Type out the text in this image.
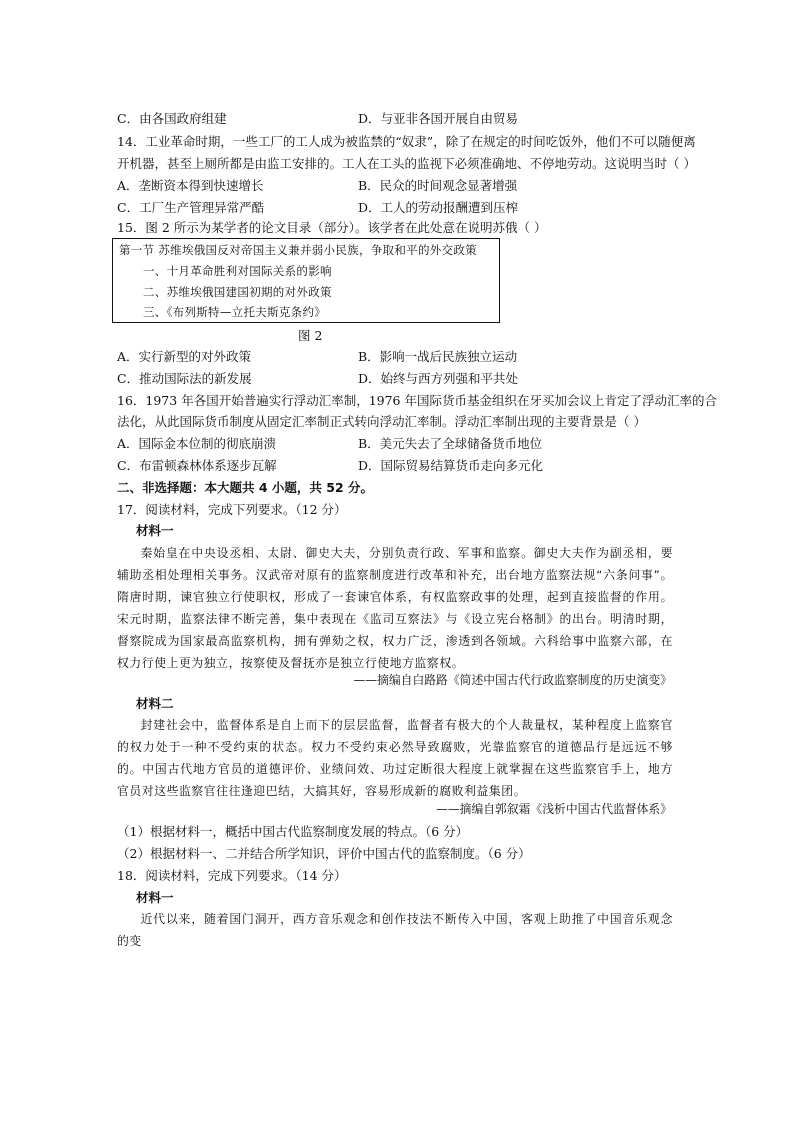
C．由各国政府组建	D．与亚非各国开展自由贸易
14．工业革命时期，一些工厂的工人成为被监禁的“奴隶”，除了在规定的时间吃饭外，他们不可以随便离
开机器，甚至上厕所都是由监工安排的。工人在工头的监视下必须准确地、不停地劳动。这说明当时（ ）
A．垄断资本得到快速增长	B．民众的时间观念显著增强
C．工厂生产管理异常严酷	D．工人的劳动报酬遭到压榨
15．图 2 所示为某学者的论文目录（部分）。该学者在此处意在说明苏俄（ ）
第一节 苏维埃俄国反对帝国主义兼并弱小民族，争取和平的外交政策
一、十月革命胜利对国际关系的影响
二、苏维埃俄国建国初期的对外政策
三、《布列斯特—立托夫斯克条约》
图 2
A．实行新型的对外政策	B．影响一战后民族独立运动
C．推动国际法的新发展	D．始终与西方列强和平共处
16．1973 年各国开始普遍实行浮动汇率制，1976 年国际货币基金组织在牙买加会议上肯定了浮动汇率的合
法化，从此国际货币制度从固定汇率制正式转向浮动汇率制。浮动汇率制出现的主要背景是（ ）
A．国际金本位制的彻底崩溃	B．美元失去了全球储备货币地位
C．布雷顿森林体系逐步瓦解	D．国际贸易结算货币走向多元化
二、非选择题：本大题共 4 小题，共 52 分。
17．阅读材料，完成下列要求。（12 分）
材料一
秦始皇在中央设丞相、太尉、御史大夫，分别负责行政、军事和监察。御史大夫作为副丞相，要辅助丞相处理相关事务。汉武帝对原有的监察制度进行改革和补充，出台地方监察法规“六条问事”。隋唐时期，谏官独立行使职权，形成了一套谏官体系，有权监察政事的处理，起到直接监督的作用。宋元时期，监察法律不断完善，集中表现在《监司互察法》与《设立宪台格制》的出台。明清时期，督察院成为国家最高监察机构，拥有弹劾之权，权力广泛，渗透到各领域。六科给事中监察六部，在权力行使上更为独立，按察使及督抚亦是独立行使地方监察权。
——摘编自白路路《简述中国古代行政监察制度的历史演变》
材料二
封建社会中，监督体系是自上而下的层层监督，监督者有极大的个人裁量权，某种程度上监察官的权力处于一种不受约束的状态。权力不受约束必然导致腐败，光靠监察官的道德品行是远远不够的。中国古代地方官员的道德评价、业绩问效、功过定断很大程度上就掌握在这些监察官手上，地方官员对这些监察官往往逢迎巴结，大搞其好，容易形成新的腐败利益集团。
——摘编自郭叙霜《浅析中国古代监督体系》
（1）根据材料一，概括中国古代监察制度发展的特点。（6 分）
（2）根据材料一、二并结合所学知识，评价中国古代的监察制度。（6 分）
18．阅读材料，完成下列要求。（14 分）
材料一
近代以来，随着国门洞开，西方音乐观念和创作技法不断传入中国，客观上助推了中国音乐观念的变
